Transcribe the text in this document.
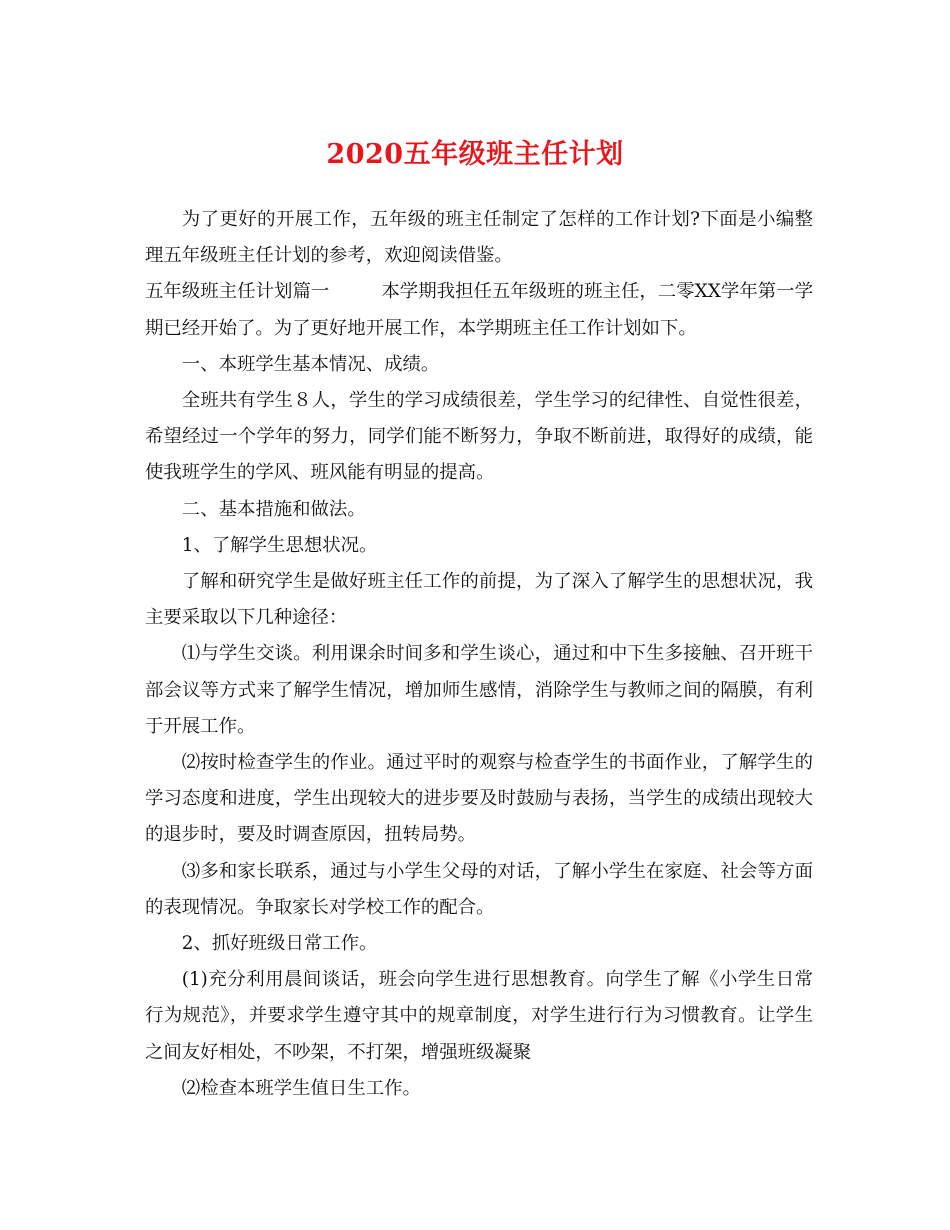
2020五年级班主任计划

为了更好的开展工作，五年级的班主任制定了怎样的工作计划?下面是小编整理五年级班主任计划的参考，欢迎阅读借鉴。

五年级班主任计划篇一	本学期我担任五年级班的班主任，二零XX学年第一学期已经开始了。为了更好地开展工作，本学期班主任工作计划如下。

一、本班学生基本情况、成绩。

全班共有学生８人，学生的学习成绩很差，学生学习的纪律性、自觉性很差，希望经过一个学年的努力，同学们能不断努力，争取不断前进，取得好的成绩，能使我班学生的学风、班风能有明显的提高。

二、基本措施和做法。

1、了解学生思想状况。

了解和研究学生是做好班主任工作的前提，为了深入了解学生的思想状况，我主要采取以下几种途径：

⑴与学生交谈。利用课余时间多和学生谈心，通过和中下生多接触、召开班干部会议等方式来了解学生情况，增加师生感情，消除学生与教师之间的隔膜，有利于开展工作。

⑵按时检查学生的作业。通过平时的观察与检查学生的书面作业，了解学生的学习态度和进度，学生出现较大的进步要及时鼓励与表扬，当学生的成绩出现较大的退步时，要及时调查原因，扭转局势。

⑶多和家长联系，通过与小学生父母的对话，了解小学生在家庭、社会等方面的表现情况。争取家长对学校工作的配合。

2、抓好班级日常工作。

(1)充分利用晨间谈话，班会向学生进行思想教育。向学生了解《小学生日常行为规范》，并要求学生遵守其中的规章制度，对学生进行行为习惯教育。让学生之间友好相处，不吵架，不打架，增强班级凝聚

⑵检查本班学生值日生工作。
